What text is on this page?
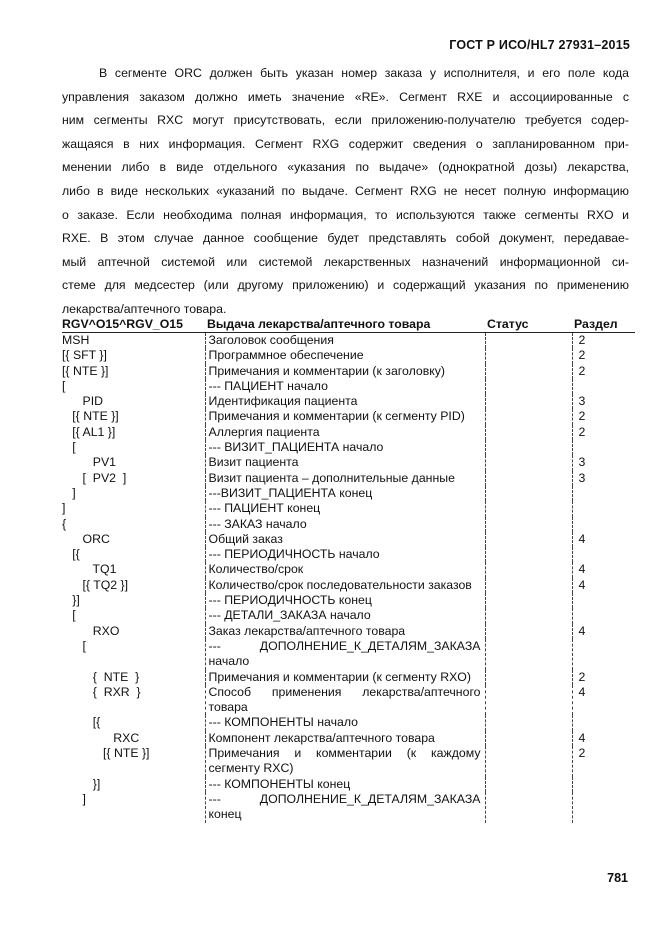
ГОСТ Р ИСО/HL7 27931–2015
В сегменте ORC должен быть указан номер заказа у исполнителя, и его поле кода
управления заказом должно иметь значение «RE». Сегмент RXE и ассоциированные с
ним сегменты RXC могут присутствовать, если приложению-получателю требуется содер-
жащаяся в них информация. Сегмент RXG содержит сведения о запланированном при-
менении либо в виде отдельного «указания по выдаче» (однократной дозы) лекарства,
либо в виде нескольких «указаний по выдаче. Сегмент RXG не несет полную информацию
о заказе. Если необходима полная информация, то используются также сегменты RXO и
RXE. В этом случае данное сообщение будет представлять собой документ, передавае-
мый аптечной системой или системой лекарственных назначений информационной си-
стеме для медсестер (или другому приложению) и содержащий указания по применению
лекарства/аптечного товара.
RGV^O15^RGV_O15	Выдача лекарства/аптечного товара	Статус	Раздел
MSH	Заголовок сообщения		2
[{ SFT }]	Программное обеспечение		2
[{ NTE }]	Примечания и комментарии (к заголовку)		2
[	--- ПАЦИЕНТ начало		
PID	Идентификация пациента		3
[{ NTE }]	Примечания и комментарии (к сегменту PID)		2
[{ AL1 }]	Аллергия пациента		2
[	--- ВИЗИТ_ПАЦИЕНТА начало		
PV1	Визит пациента		3
[  PV2  ]	Визит пациента – дополнительные данные		3
]	---ВИЗИТ_ПАЦИЕНТА конец		
]	--- ПАЦИЕНТ конец		
{	--- ЗАКАЗ начало		
ORC	Общий заказ		4
[{	--- ПЕРИОДИЧНОСТЬ начало		
TQ1	Количество/срок		4
[{ TQ2 }]	Количество/срок последовательности заказов		4
}]	--- ПЕРИОДИЧНОСТЬ конец		
[	--- ДЕТАЛИ_ЗАКАЗА начало		
RXO	Заказ лекарства/аптечного товара		4
[	--- ДОПОЛНЕНИЕ_К_ДЕТАЛЯМ_ЗАКАЗА начало		
{  NTE  }	Примечания и комментарии (к сегменту RXO)		2
{  RXR  }	Способ применения лекарства/аптечного товара		4
[{	--- КОМПОНЕНТЫ начало		
RXC	Компонент лекарства/аптечного товара		4
[{ NTE }]	Примечания и комментарии (к каждому сегменту RXC)		2
}]	--- КОМПОНЕНТЫ конец		
]	--- ДОПОЛНЕНИЕ_К_ДЕТАЛЯМ_ЗАКАЗА конец		
781
